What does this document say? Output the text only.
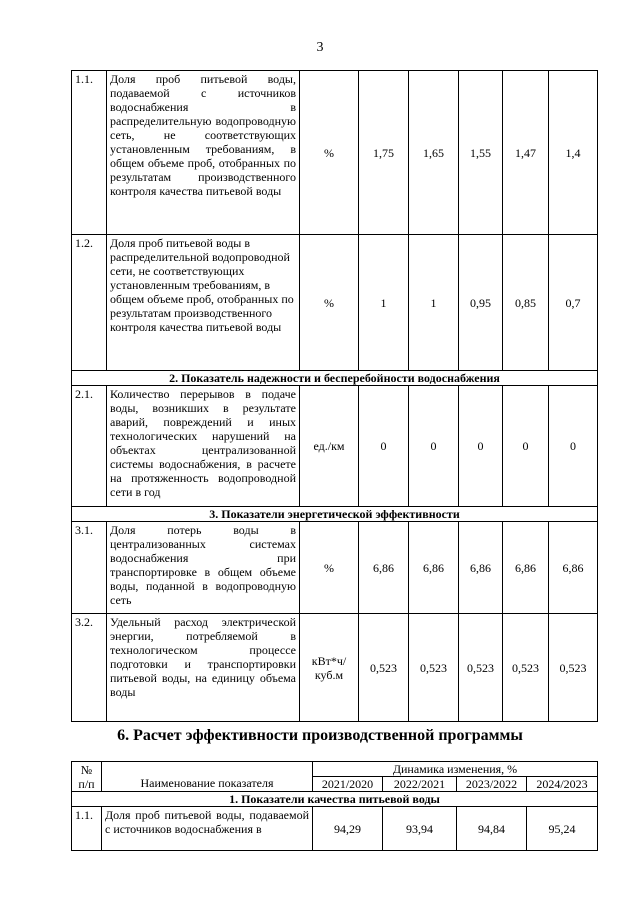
3
1.1.	Доля проб питьевой воды, подаваемой с источников водоснабжения в распределительную водопроводную сеть, не соответствующих установленным требованиям, в общем объеме проб, отобранных по результатам производственного контроля качества питьевой воды	%	1,75	1,65	1,55	1,47	1,4
1.2.	Доля проб питьевой воды в распределительной водопроводной сети, не соответствующих установленным требованиям, в общем объеме проб, отобранных по результатам производственного контроля качества питьевой воды	%	1	1	0,95	0,85	0,7
2. Показатель надежности и бесперебойности водоснабжения							
2.1.	Количество перерывов в подаче воды, возникших в результате аварий, повреждений и иных технологических нарушений на объектах централизованной системы водоснабжения, в расчете на протяженность водопроводной сети в год	ед./км	0	0	0	0	0
3. Показатели энергетической эффективности							
3.1.	Доля потерь воды в централизованных системах водоснабжения при транспортировке в общем объеме воды, поданной в водопроводную сеть	%	6,86	6,86	6,86	6,86	6,86
3.2.	Удельный расход электрической энергии, потребляемой в технологическом процессе подготовки и транспортировки питьевой воды, на единицу объема воды	кВт*ч/ куб.м	0,523	0,523	0,523	0,523	0,523
6. Расчет эффективности производственной программы
№
п/п	Наименование показателя	Динамика изменения, %			
		2021/2020	2022/2021	2023/2022	2024/2023
1. Показатели качества питьевой воды					
1.1.	Доля проб питьевой воды, подаваемой с источников водоснабжения в	94,29	93,94	94,84	95,24
